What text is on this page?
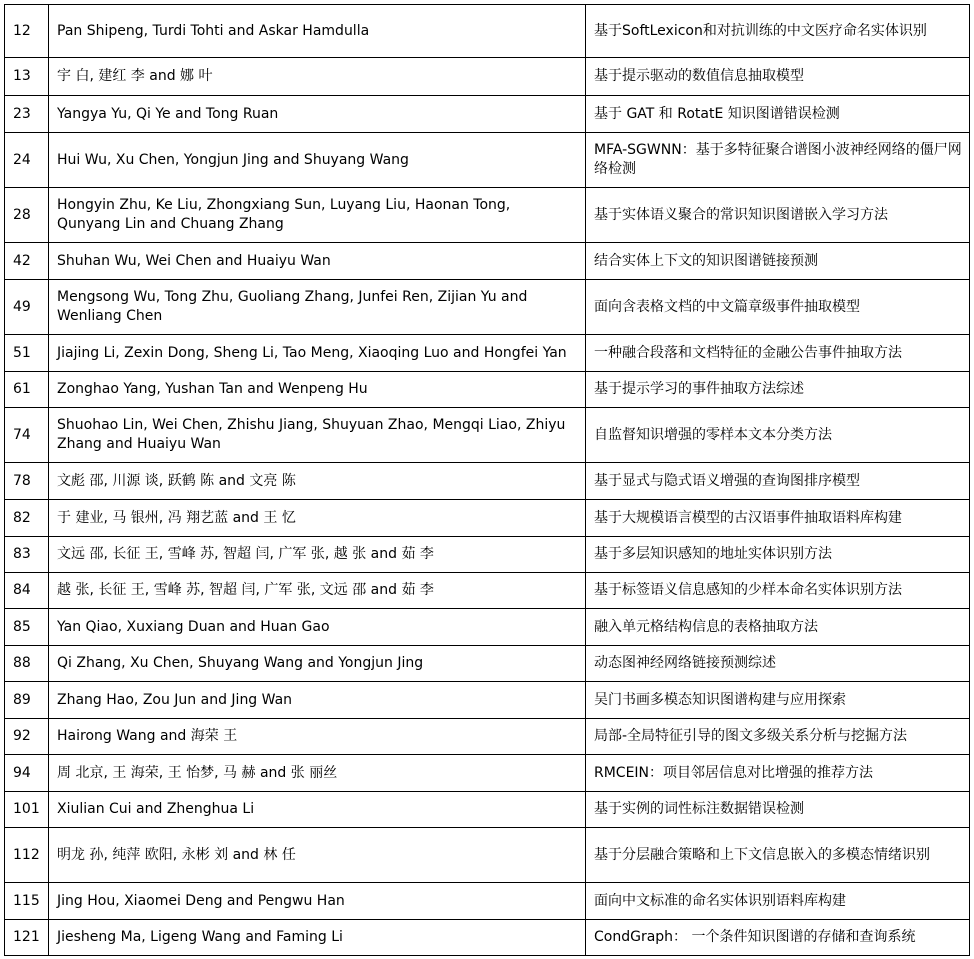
12	Pan Shipeng, Turdi Tohti and Askar Hamdulla	基于SoftLexicon和对抗训练的中文医疗命名实体识别
13	宇 白, 建红 李 and 娜 叶	基于提示驱动的数值信息抽取模型
23	Yangya Yu, Qi Ye and Tong Ruan	基于 GAT 和 RotatE 知识图谱错误检测
24	Hui Wu, Xu Chen, Yongjun Jing and Shuyang Wang	MFA-SGWNN：基于多特征聚合谱图小波神经网络的僵尸网络检测
28	Hongyin Zhu, Ke Liu, Zhongxiang Sun, Luyang Liu, Haonan Tong, Qunyang Lin and Chuang Zhang	基于实体语义聚合的常识知识图谱嵌入学习方法
42	Shuhan Wu, Wei Chen and Huaiyu Wan	结合实体上下文的知识图谱链接预测
49	Mengsong Wu, Tong Zhu, Guoliang Zhang, Junfei Ren, Zijian Yu and Wenliang Chen	面向含表格文档的中文篇章级事件抽取模型
51	Jiajing Li, Zexin Dong, Sheng Li, Tao Meng, Xiaoqing Luo and Hongfei Yan	一种融合段落和文档特征的金融公告事件抽取方法
61	Zonghao Yang, Yushan Tan and Wenpeng Hu	基于提示学习的事件抽取方法综述
74	Shuohao Lin, Wei Chen, Zhishu Jiang, Shuyuan Zhao, Mengqi Liao, Zhiyu Zhang and Huaiyu Wan	自监督知识增强的零样本文本分类方法
78	文彪 邵, 川源 谈, 跃鹤 陈 and 文亮 陈	基于显式与隐式语义增强的查询图排序模型
82	于 建业, 马 银州, 冯 翔艺蓝 and 王 忆	基于大规模语言模型的古汉语事件抽取语料库构建
83	文远 邵, 长征 王, 雪峰 苏, 智超 闫, 广军 张, 越 张 and 茹 李	基于多层知识感知的地址实体识别方法
84	越 张, 长征 王, 雪峰 苏, 智超 闫, 广军 张, 文远 邵 and 茹 李	基于标签语义信息感知的少样本命名实体识别方法
85	Yan Qiao, Xuxiang Duan and Huan Gao	融入单元格结构信息的表格抽取方法
88	Qi Zhang, Xu Chen, Shuyang Wang and Yongjun Jing	动态图神经网络链接预测综述
89	Zhang Hao, Zou Jun and Jing Wan	吴门书画多模态知识图谱构建与应用探索
92	Hairong Wang and 海荣 王	局部-全局特征引导的图文多级关系分析与挖掘方法
94	周 北京, 王 海荣, 王 怡梦, 马 赫 and 张 丽丝	RMCEIN：项目邻居信息对比增强的推荐方法
101	Xiulian Cui and Zhenghua Li	基于实例的词性标注数据错误检测
112	明龙 孙, 纯萍 欧阳, 永彬 刘 and 林 任	基于分层融合策略和上下文信息嵌入的多模态情绪识别
115	Jing Hou, Xiaomei Deng and Pengwu Han	面向中文标准的命名实体识别语料库构建
121	Jiesheng Ma, Ligeng Wang and Faming Li	CondGraph： 一个条件知识图谱的存储和查询系统
